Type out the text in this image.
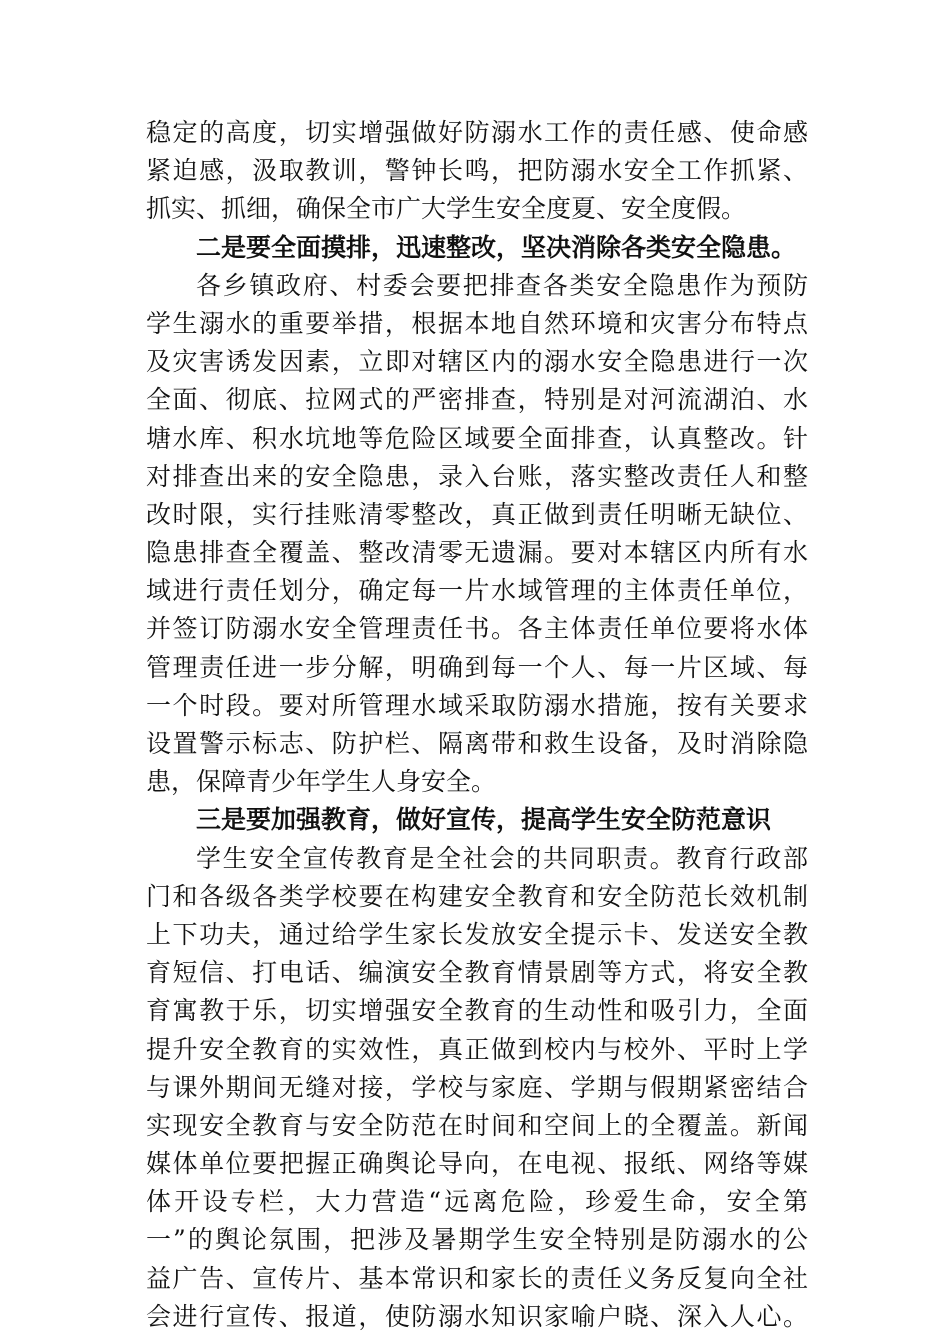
稳定的高度，切实增强做好防溺水工作的责任感、使命感
紧迫感，汲取教训，警钟长鸣，把防溺水安全工作抓紧、
抓实、抓细，确保全市广大学生安全度夏、安全度假。
二是要全面摸排，迅速整改，坚决消除各类安全隐患。
各乡镇政府、村委会要把排查各类安全隐患作为预防
学生溺水的重要举措，根据本地自然环境和灾害分布特点
及灾害诱发因素，立即对辖区内的溺水安全隐患进行一次
全面、彻底、拉网式的严密排查，特别是对河流湖泊、水
塘水库、积水坑地等危险区域要全面排查，认真整改。针
对排查出来的安全隐患，录入台账，落实整改责任人和整
改时限，实行挂账清零整改，真正做到责任明晰无缺位、
隐患排查全覆盖、整改清零无遗漏。要对本辖区内所有水
域进行责任划分，确定每一片水域管理的主体责任单位，
并签订防溺水安全管理责任书。各主体责任单位要将水体
管理责任进一步分解，明确到每一个人、每一片区域、每
一个时段。要对所管理水域采取防溺水措施，按有关要求
设置警示标志、防护栏、隔离带和救生设备，及时消除隐
患，保障青少年学生人身安全。
三是要加强教育，做好宣传，提高学生安全防范意识
学生安全宣传教育是全社会的共同职责。教育行政部
门和各级各类学校要在构建安全教育和安全防范长效机制
上下功夫，通过给学生家长发放安全提示卡、发送安全教
育短信、打电话、编演安全教育情景剧等方式，将安全教
育寓教于乐，切实增强安全教育的生动性和吸引力，全面
提升安全教育的实效性，真正做到校内与校外、平时上学
与课外期间无缝对接，学校与家庭、学期与假期紧密结合
实现安全教育与安全防范在时间和空间上的全覆盖。新闻
媒体单位要把握正确舆论导向，在电视、报纸、网络等媒
体开设专栏，大力营造“远离危险，珍爱生命，安全第
一”的舆论氛围，把涉及暑期学生安全特别是防溺水的公
益广告、宣传片、基本常识和家长的责任义务反复向全社
会进行宣传、报道，使防溺水知识家喻户晓、深入人心。
